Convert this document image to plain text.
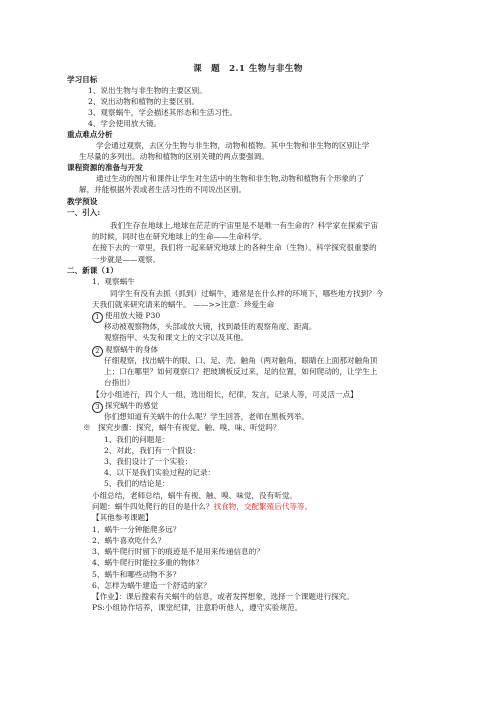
课　题　2.1 生物与非生物
学习目标
1、说出生物与非生物的主要区别。
2、说出动物和植物的主要区别。
3、观察蜗牛，学会描述其形态和生活习性。
4、学会使用放大镜。
重点难点分析
学会通过观察，去区分生物与非生物，动物和植物。其中生物和非生物的区别让学
生尽量的多列出。动物和植物的区别关键的两点要强调。
课程资源的准备与开发
通过生动的图片和课件让学生对生活中的生物和非生物,动物和植物有个形象的了
解，并能根据外表或者生活习性的不同说出区别。
教学预设
一、引入:
我们生存在地球上,地球在茫茫的宇宙里是不是唯一有生命的？科学家在探索宇宙
的时候，同时也在研究地球上的生命——生命科学。
在接下去的一章里，我们将一起来研究地球上的各种生命（生物）。科学探究很重要的
一步就是——观察。
二、新课（1）
1、观察蜗牛
同学生有没有去抓（抓到）过蜗牛，通常是在什么样的环境下，哪些地方找到？今
天我们就来研究请来的蜗牛。 ——>>注意：珍爱生命
1 使用放大镜 P30
移动被观察物体，头部或放大镜，找到最佳的观察角度、距离。
观察指甲、头发和课文上的文字以及其他。
2 观察蜗牛的身体
仔细观察，找出蜗牛的眼、口、足、壳、触角（两对触角，眼睛在上面那对触角顶
上；口在哪里？如何观察口？把玻璃板反过来，足的位置，如何爬动的，让学生上
台指出）
【分小组进行，四个人一组，选出组长，纪律，发言，记录人等，可灵活一点】
3 探究蜗牛的感觉
你们想知道有关蜗牛的什么呢？学生回答，老师在黑板列举。
※　探究步骤：探究，蜗牛有视觉、触、嗅、味、听觉吗？
1、我们的问题是：
2、对此，我们有一个假设：
3、我们设计了一个实验：
4、以下是我们实验过程的记录：
5、我们的结论是：
小组总结，老师总结，蜗牛有视、触、嗅、味觉，没有听觉。
问题：蜗牛四处爬行的目的是什么？找食物，交配繁殖后代等等。
【其他参考课题】
1、蜗牛一分钟能爬多远？
2、蜗牛喜欢吃什么？
3、蜗牛爬行时留下的痕迹是不是用来传递信息的？
4、蜗牛爬行时能拉多重的物体？
5、蜗牛和哪些动物不多？
6、怎样为蜗牛建造一个舒适的家？
【作业】：课后搜索有关蜗牛的信息，或者发挥想象，选择一个课题进行探究。
PS:小组协作培养，课堂纪律，注意聆听他人，遵守实验规范。
